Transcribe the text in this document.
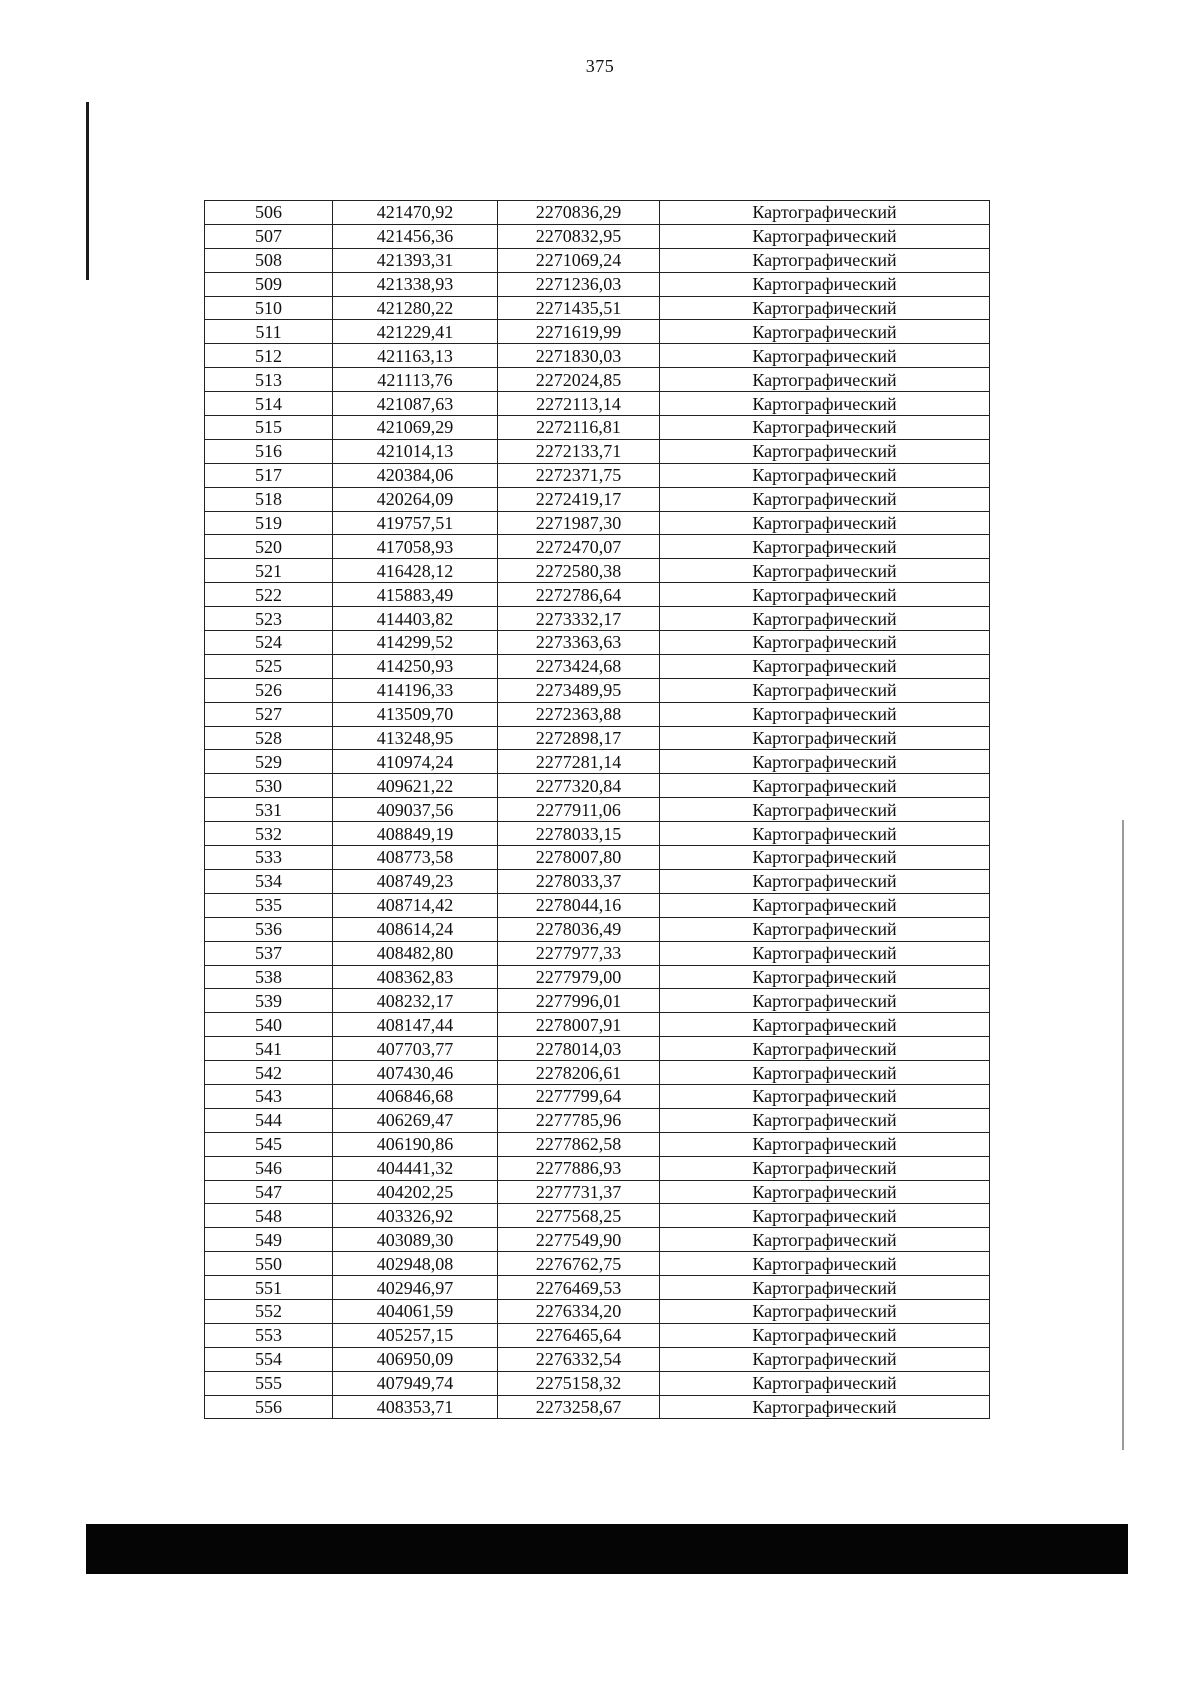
375
506	421470,92	2270836,29	Картографический
507	421456,36	2270832,95	Картографический
508	421393,31	2271069,24	Картографический
509	421338,93	2271236,03	Картографический
510	421280,22	2271435,51	Картографический
511	421229,41	2271619,99	Картографический
512	421163,13	2271830,03	Картографический
513	421113,76	2272024,85	Картографический
514	421087,63	2272113,14	Картографический
515	421069,29	2272116,81	Картографический
516	421014,13	2272133,71	Картографический
517	420384,06	2272371,75	Картографический
518	420264,09	2272419,17	Картографический
519	419757,51	2271987,30	Картографический
520	417058,93	2272470,07	Картографический
521	416428,12	2272580,38	Картографический
522	415883,49	2272786,64	Картографический
523	414403,82	2273332,17	Картографический
524	414299,52	2273363,63	Картографический
525	414250,93	2273424,68	Картографический
526	414196,33	2273489,95	Картографический
527	413509,70	2272363,88	Картографический
528	413248,95	2272898,17	Картографический
529	410974,24	2277281,14	Картографический
530	409621,22	2277320,84	Картографический
531	409037,56	2277911,06	Картографический
532	408849,19	2278033,15	Картографический
533	408773,58	2278007,80	Картографический
534	408749,23	2278033,37	Картографический
535	408714,42	2278044,16	Картографический
536	408614,24	2278036,49	Картографический
537	408482,80	2277977,33	Картографический
538	408362,83	2277979,00	Картографический
539	408232,17	2277996,01	Картографический
540	408147,44	2278007,91	Картографический
541	407703,77	2278014,03	Картографический
542	407430,46	2278206,61	Картографический
543	406846,68	2277799,64	Картографический
544	406269,47	2277785,96	Картографический
545	406190,86	2277862,58	Картографический
546	404441,32	2277886,93	Картографический
547	404202,25	2277731,37	Картографический
548	403326,92	2277568,25	Картографический
549	403089,30	2277549,90	Картографический
550	402948,08	2276762,75	Картографический
551	402946,97	2276469,53	Картографический
552	404061,59	2276334,20	Картографический
553	405257,15	2276465,64	Картографический
554	406950,09	2276332,54	Картографический
555	407949,74	2275158,32	Картографический
556	408353,71	2273258,67	Картографический
